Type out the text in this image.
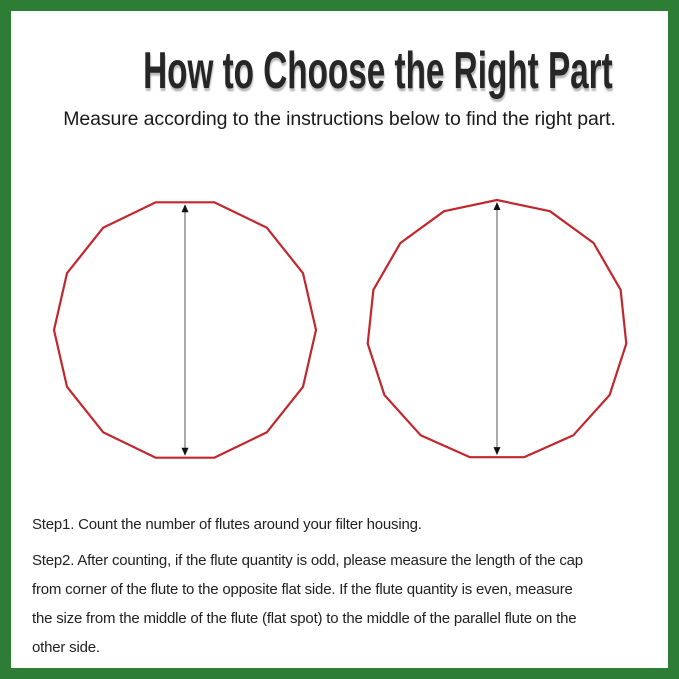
How to Choose the Right Part
Measure according to the instructions below to find the right part.

Step1. Count the number of flutes around your filter housing.

Step2. After counting, if the flute quantity is odd, please measure the length of the cap
from corner of the flute to the opposite flat side. If the flute quantity is even, measure
the size from the middle of the flute (flat spot) to the middle of the parallel flute on the
other side.
